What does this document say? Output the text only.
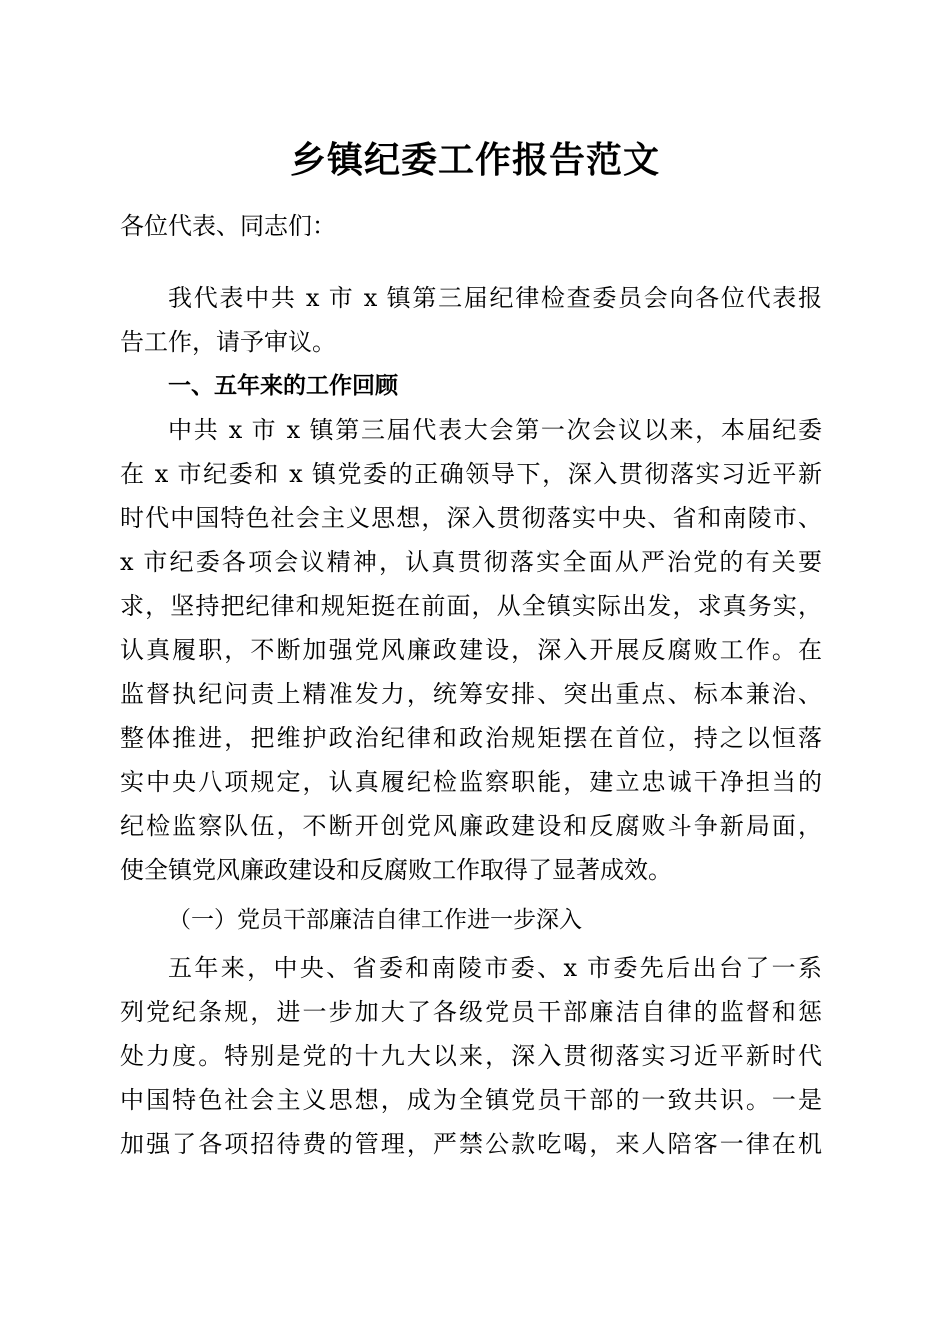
乡镇纪委工作报告范文
各位代表、同志们：
我代表中共 x 市 x 镇第三届纪律检查委员会向各位代表报
告工作，请予审议。
一、五年来的工作回顾
中共 x 市 x 镇第三届代表大会第一次会议以来，本届纪委
在 x 市纪委和 x 镇党委的正确领导下，深入贯彻落实习近平新
时代中国特色社会主义思想，深入贯彻落实中央、省和南陵市、
x 市纪委各项会议精神，认真贯彻落实全面从严治党的有关要
求，坚持把纪律和规矩挺在前面，从全镇实际出发，求真务实，
认真履职，不断加强党风廉政建设，深入开展反腐败工作。在
监督执纪问责上精准发力，统筹安排、突出重点、标本兼治、
整体推进，把维护政治纪律和政治规矩摆在首位，持之以恒落
实中央八项规定，认真履纪检监察职能，建立忠诚干净担当的
纪检监察队伍，不断开创党风廉政建设和反腐败斗争新局面，
使全镇党风廉政建设和反腐败工作取得了显著成效。
（一）党员干部廉洁自律工作进一步深入
五年来，中央、省委和南陵市委、x 市委先后出台了一系
列党纪条规，进一步加大了各级党员干部廉洁自律的监督和惩
处力度。特别是党的十九大以来，深入贯彻落实习近平新时代
中国特色社会主义思想，成为全镇党员干部的一致共识。一是
加强了各项招待费的管理，严禁公款吃喝，来人陪客一律在机
